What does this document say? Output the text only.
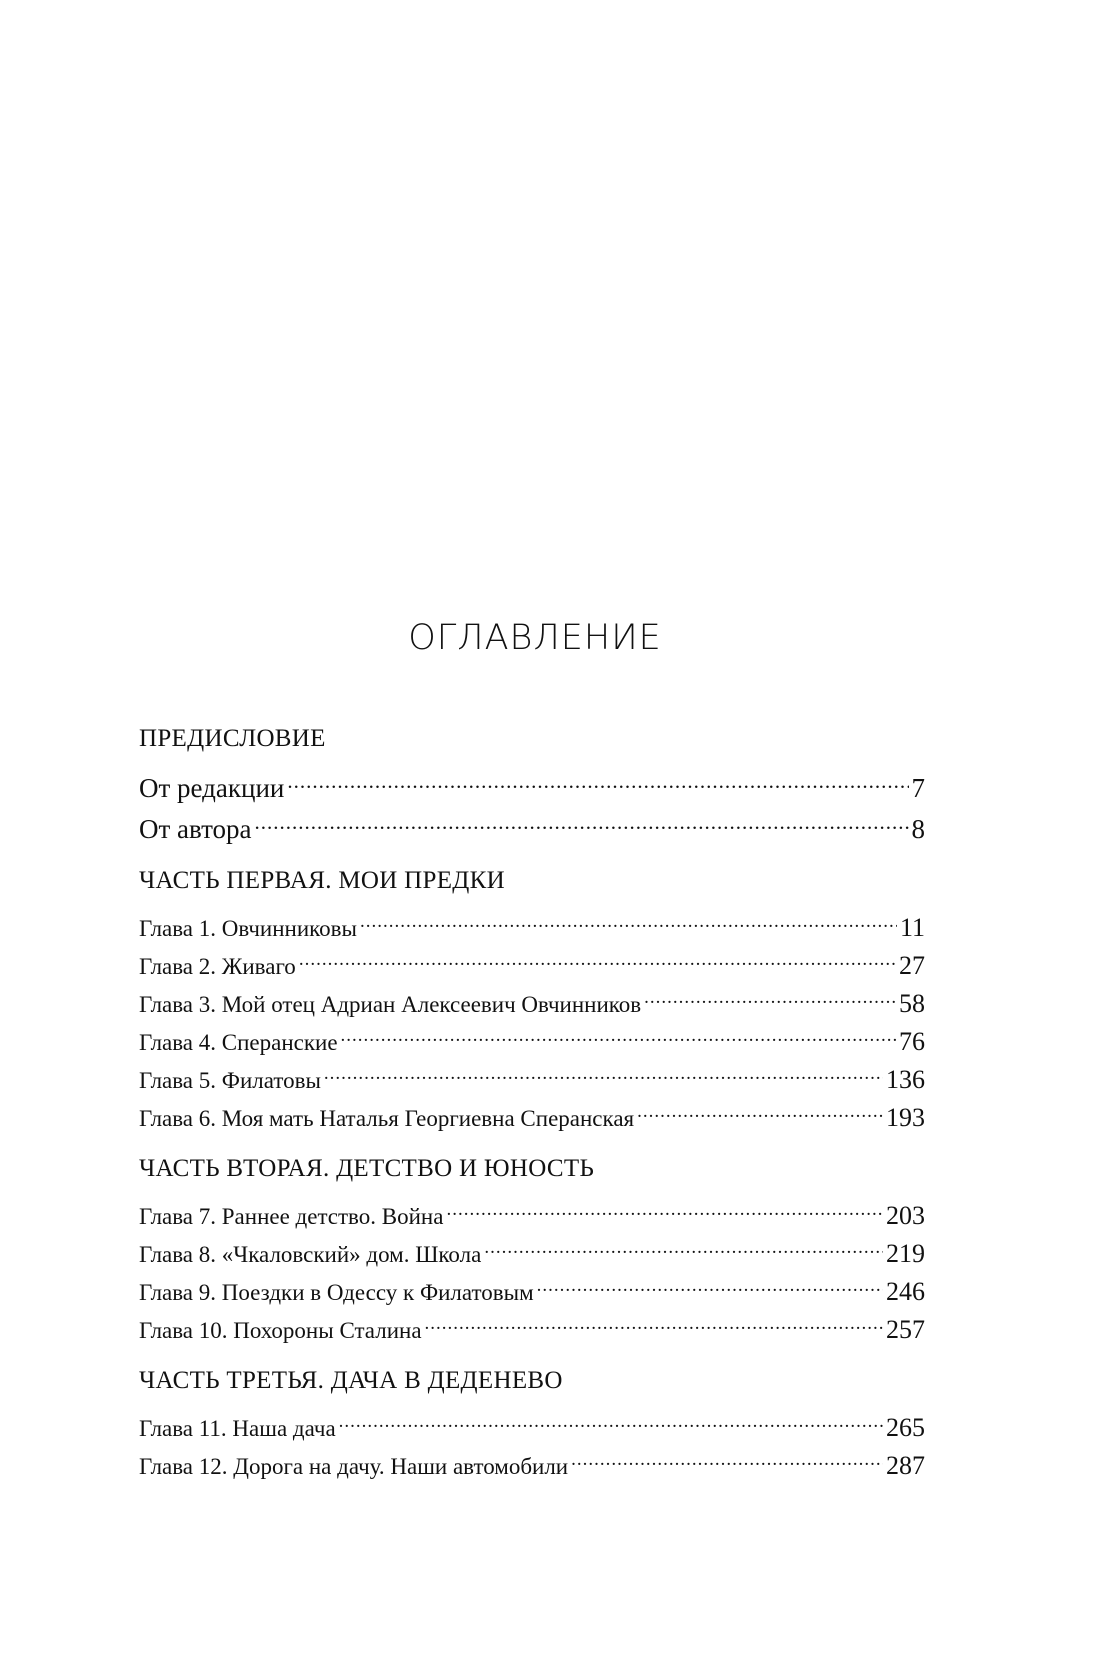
ОГЛАВЛЕНИЕ
ПРЕДИСЛОВИЕ
От редакции .....	7
От автора .....	8
ЧАСТЬ ПЕРВАЯ. МОИ ПРЕДКИ
Глава 1. Овчинниковы .....	11
Глава 2. Живаго .....	27
Глава 3. Мой отец Адриан Алексеевич Овчинников .....	58
Глава 4. Сперанские .....	76
Глава 5. Филатовы .....	136
Глава 6. Моя мать Наталья Георгиевна Сперанская .....	193
ЧАСТЬ ВТОРАЯ. ДЕТСТВО И ЮНОСТЬ
Глава 7. Раннее детство. Война .....	203
Глава 8. «Чкаловский» дом. Школа .....	219
Глава 9. Поездки в Одессу к Филатовым .....	246
Глава 10. Похороны Сталина .....	257
ЧАСТЬ ТРЕТЬЯ. ДАЧА В ДЕДЕНЕВО
Глава 11. Наша дача .....	265
Глава 12. Дорога на дачу. Наши автомобили .....	287
